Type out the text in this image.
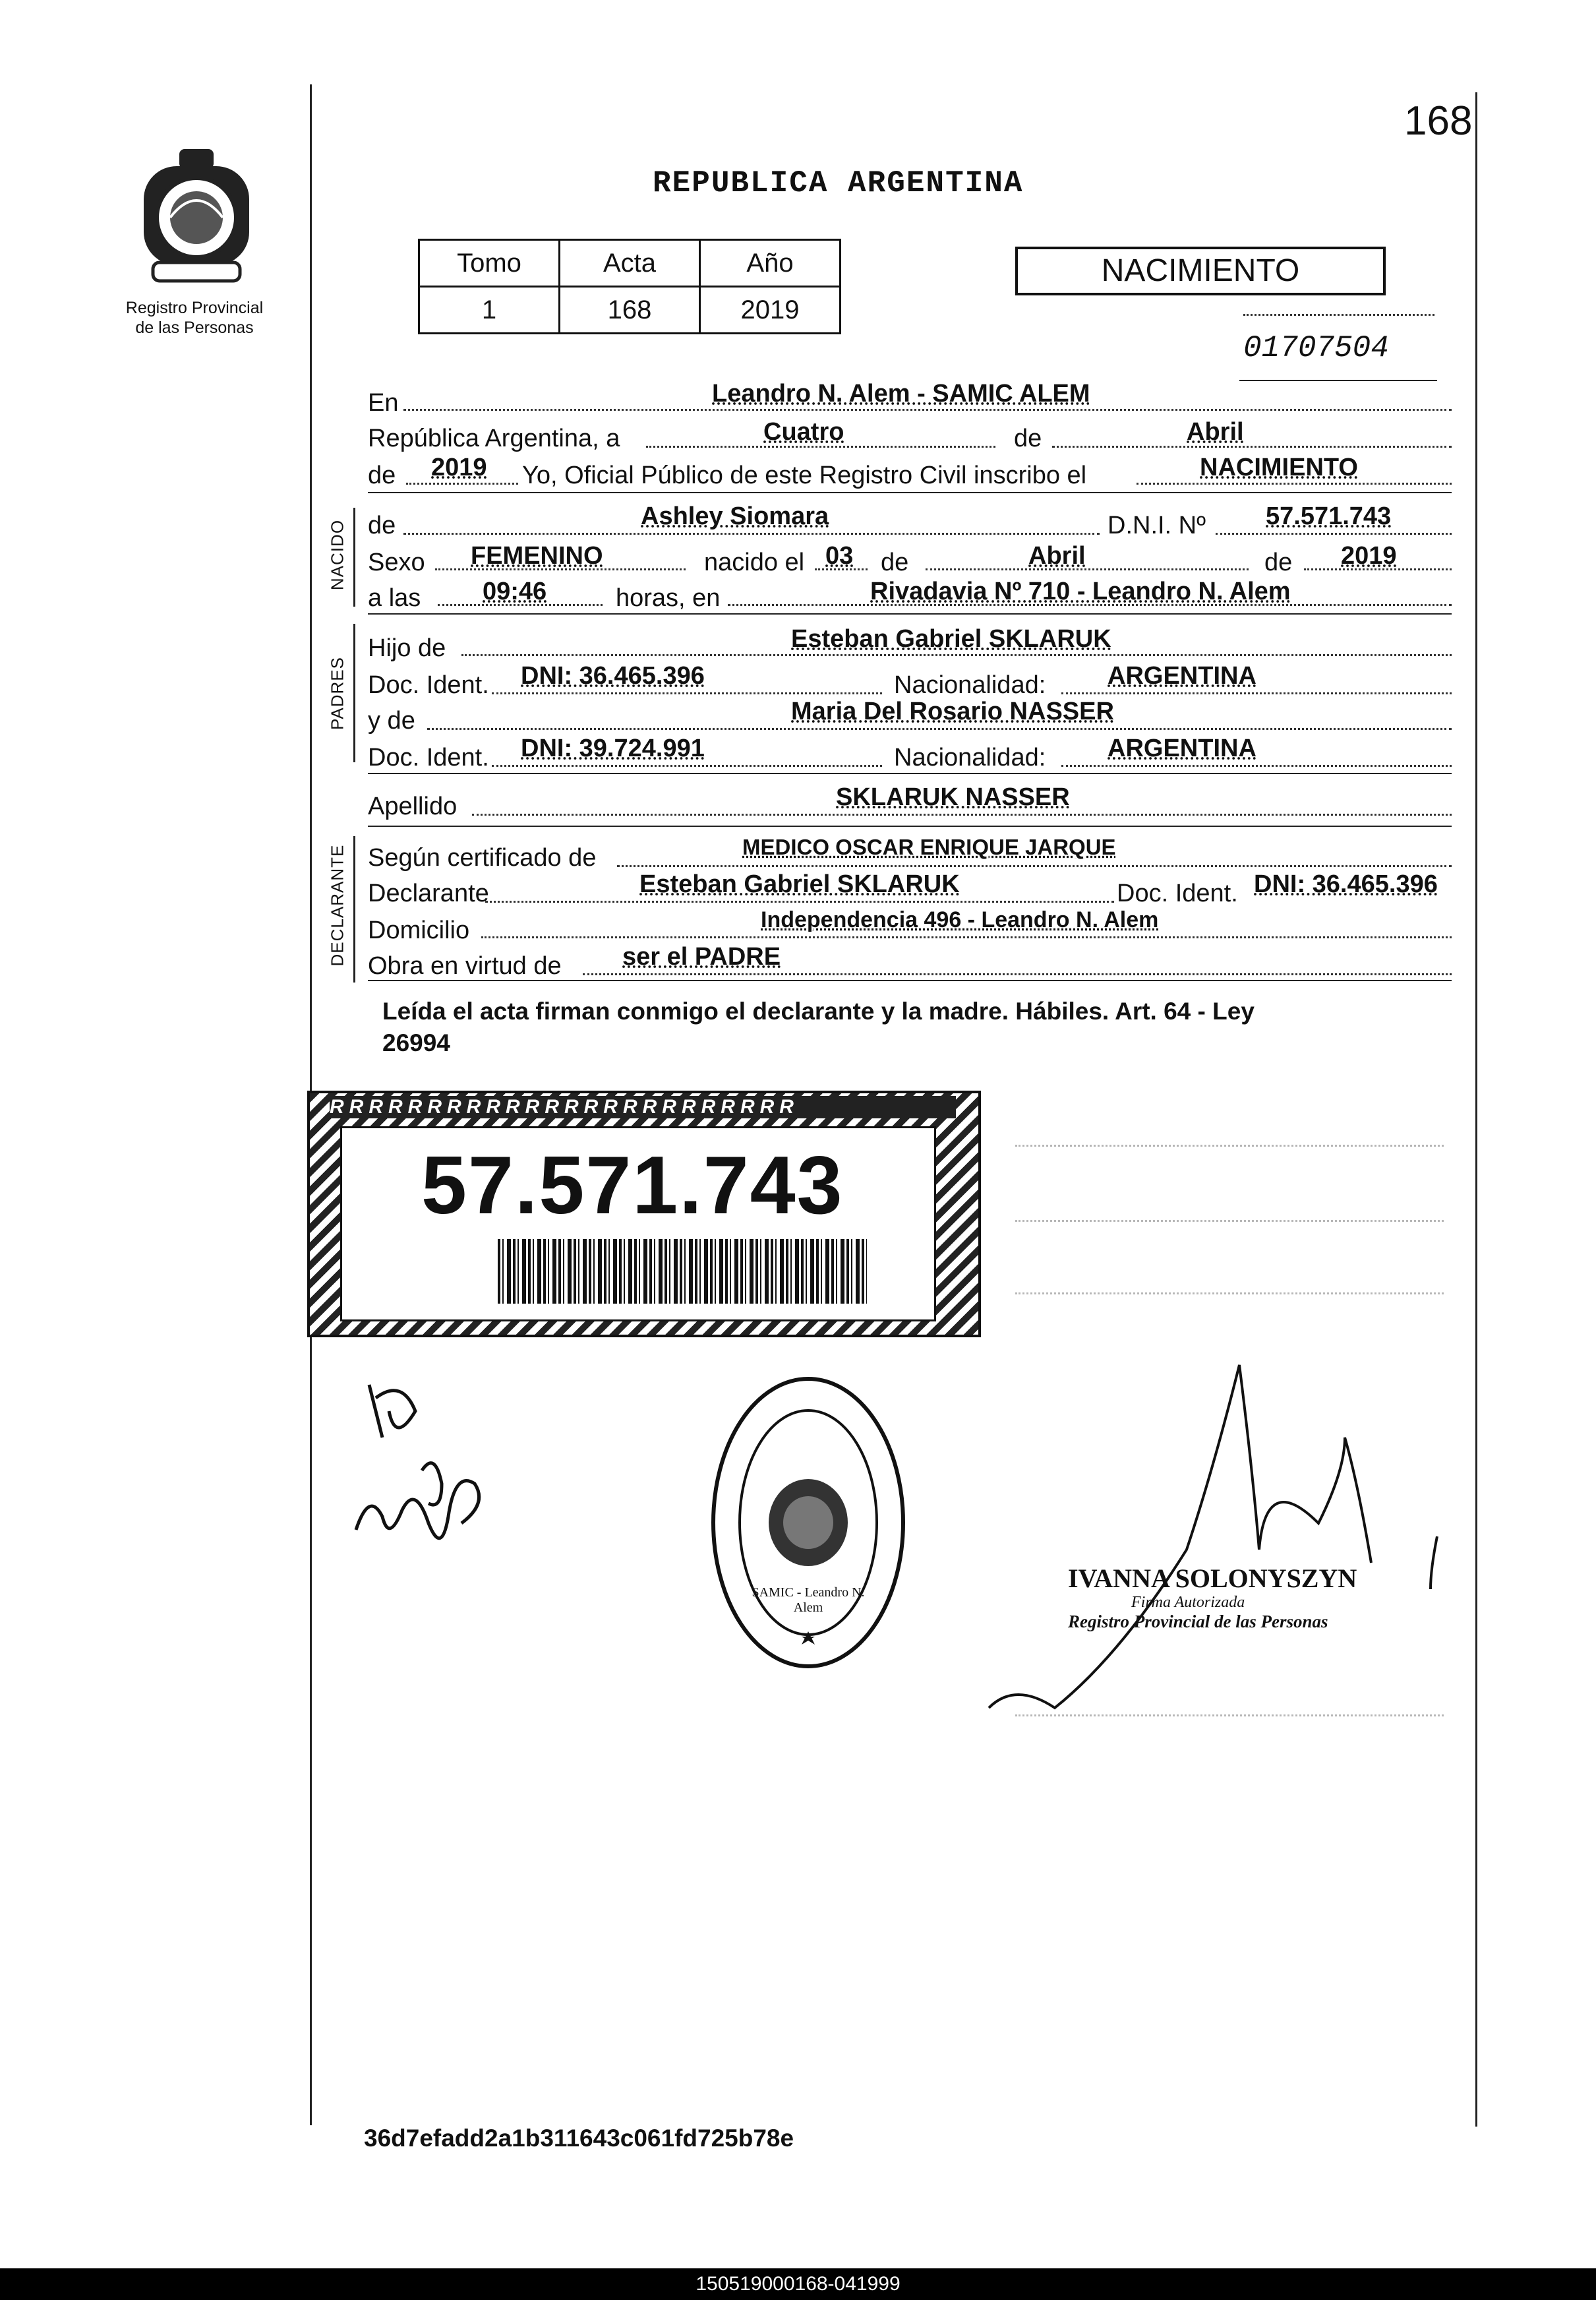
168
Registro Provincial
de las Personas
REPUBLICA ARGENTINA
Tomo	Acta	Año
1	168	2019
NACIMIENTO
01707504
NACIDO
PADRES
DECLARANTE
En	Leandro N. Alem - SAMIC ALEM
República Argentina, a	Cuatro	de	Abril
de 2019 Yo, Oficial Público de este Registro Civil inscribo el	NACIMIENTO
de	Ashley Siomara	D.N.I. Nº 57.571.743
Sexo FEMENINO	nacido el 03 de	Abril	de 2019
a las 09:46	horas, en	Rivadavia Nº 710 - Leandro N. Alem
Hijo de	Esteban Gabriel SKLARUK
Doc. Ident. DNI: 36.465.396	Nacionalidad: ARGENTINA
y de	Maria Del Rosario NASSER
Doc. Ident. DNI: 39.724.991	Nacionalidad: ARGENTINA
Apellido	SKLARUK NASSER
Según certificado de	MEDICO OSCAR ENRIQUE JARQUE
Declarante	Esteban Gabriel SKLARUK	Doc. Ident. DNI: 36.465.396
Domicilio	Independencia 496 - Leandro N. Alem
Obra en virtud de ser el PADRE
Leída el acta firman conmigo el declarante y la madre. Hábiles. Art. 64 - Ley
26994
RRRRRRRRRRRRRRRRRRRRRRRR
57.571.743
SAMIC - Leandro N. Alem
IVANNA SOLONYSZYN
Firma Autorizada
Registro Provincial de las Personas
36d7efadd2a1b311643c061fd725b78e
150519000168-041999
